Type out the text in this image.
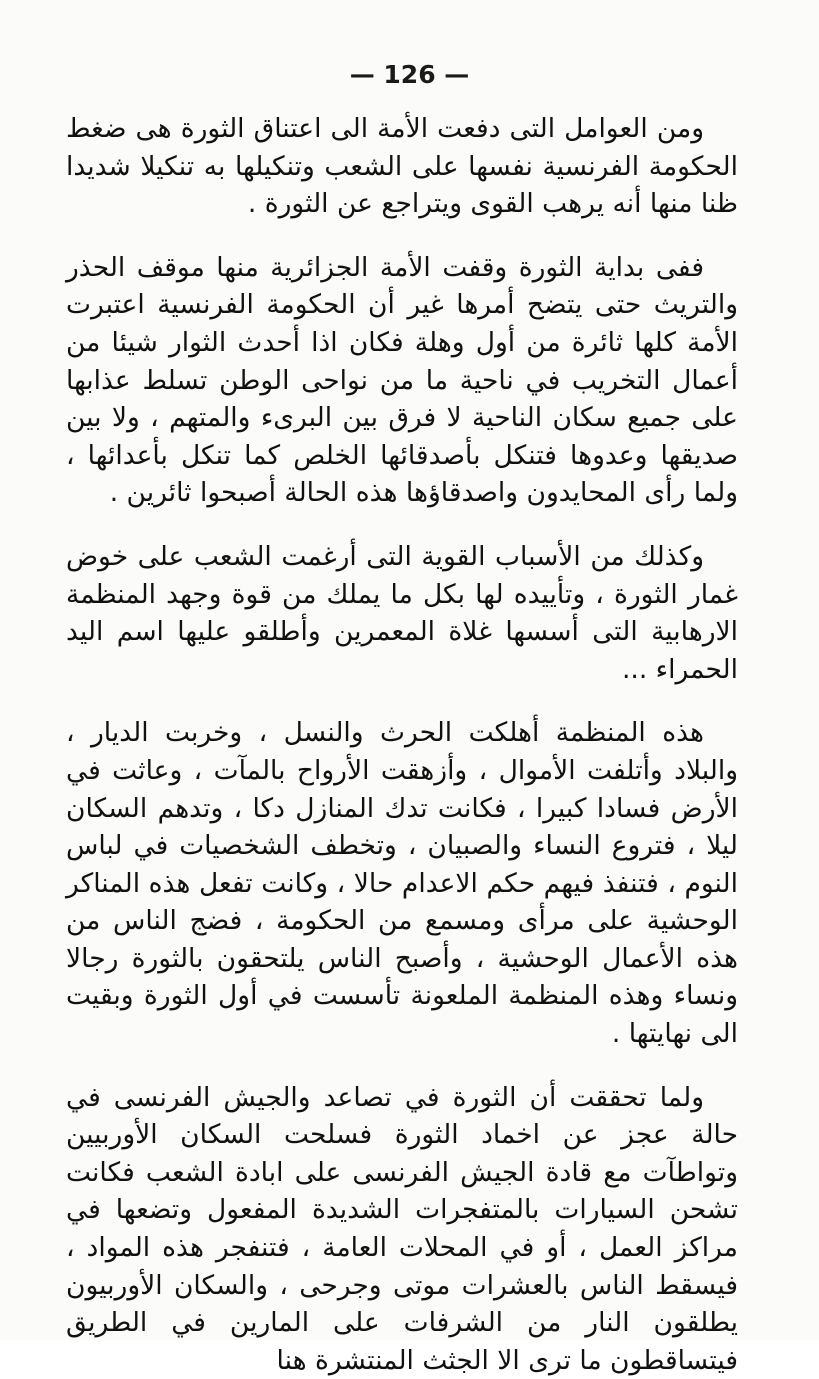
— 126 —

ومن العوامل التى دفعت الأمة الى اعتناق الثورة هى ضغط الحكومة الفرنسية نفسها على الشعب وتنكيلها به تنكيلا شديدا ظنا منها أنه يرهب القوى ويتراجع عن الثورة .

ففى بداية الثورة وقفت الأمة الجزائرية منها موقف الحذر والتريث حتى يتضح أمرها غير أن الحكومة الفرنسية اعتبرت الأمة كلها ثائرة من أول وهلة فكان اذا أحدث الثوار شيئا من أعمال التخريب في ناحية ما من نواحى الوطن تسلط عذابها على جميع سكان الناحية لا فرق بين البرىء والمتهم ، ولا بين صديقها وعدوها فتنكل بأصدقائها الخلص كما تنكل بأعدائها ، ولما رأى المحايدون واصدقاؤها هذه الحالة أصبحوا ثائرين .

وكذلك من الأسباب القوية التى أرغمت الشعب على خوض غمار الثورة ، وتأييده لها بكل ما يملك من قوة وجهد المنظمة الارهابية التى أسسها غلاة المعمرين وأطلقو عليها اسم اليد الحمراء ...

هذه المنظمة أهلكت الحرث والنسل ، وخربت الديار ، والبلاد وأتلفت الأموال ، وأزهقت الأرواح بالمآت ، وعاثت في الأرض فسادا كبيرا ، فكانت تدك المنازل دكا ، وتدهم السكان ليلا ، فتروع النساء والصبيان ، وتخطف الشخصيات في لباس النوم ، فتنفذ فيهم حكم الاعدام حالا ، وكانت تفعل هذه المناكر الوحشية على مرأى ومسمع من الحكومة ، فضج الناس من هذه الأعمال الوحشية ، وأصبح الناس يلتحقون بالثورة رجالا ونساء وهذه المنظمة الملعونة تأسست في أول الثورة وبقيت الى نهايتها .

ولما تحققت أن الثورة في تصاعد والجيش الفرنسى في حالة عجز عن اخماد الثورة فسلحت السكان الأوربيين وتواطآت مع قادة الجيش الفرنسى على ابادة الشعب فكانت تشحن السيارات بالمتفجرات الشديدة المفعول وتضعها في مراكز العمل ، أو في المحلات العامة ، فتنفجر هذه المواد ، فيسقط الناس بالعشرات موتى وجرحى ، والسكان الأوربيون يطلقون النار من الشرفات على المارين في الطريق فيتساقطون ما ترى الا الجثث المنتشرة هنا
